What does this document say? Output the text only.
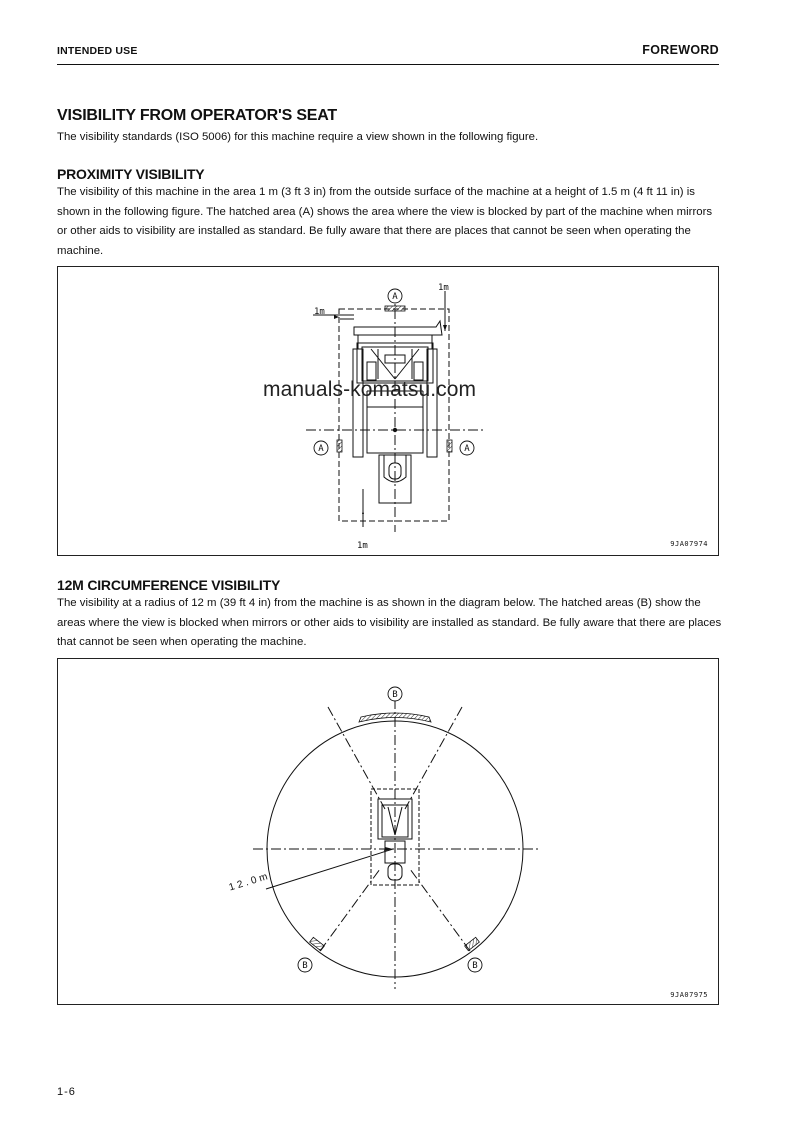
INTENDED USE	FOREWORD
VISIBILITY FROM OPERATOR'S SEAT

The visibility standards (ISO 5006) for this machine require a view shown in the following figure.

PROXIMITY VISIBILITY

The visibility of this machine in the area 1 m (3 ft 3 in) from the outside surface of the machine at a height of 1.5 m (4 ft 11 in) is shown in the following figure. The hatched area (A) shows the area where the view is blocked by part of the machine when mirrors or other aids to visibility are installed as standard. Be fully aware that there are places that cannot be seen when operating the machine.

A
A	A
1m
1m
1m	9JA07974
manuals-komatsu.com
12M CIRCUMFERENCE VISIBILITY

The visibility at a radius of 12 m (39 ft 4 in) from the machine is as shown in the diagram below. The hatched areas (B) show the areas where the view is blocked when mirrors or other aids to visibility are installed as standard. Be fully aware that there are places that cannot be seen when operating the machine.

B
B	B
12.0m
9JA07975
1-6
